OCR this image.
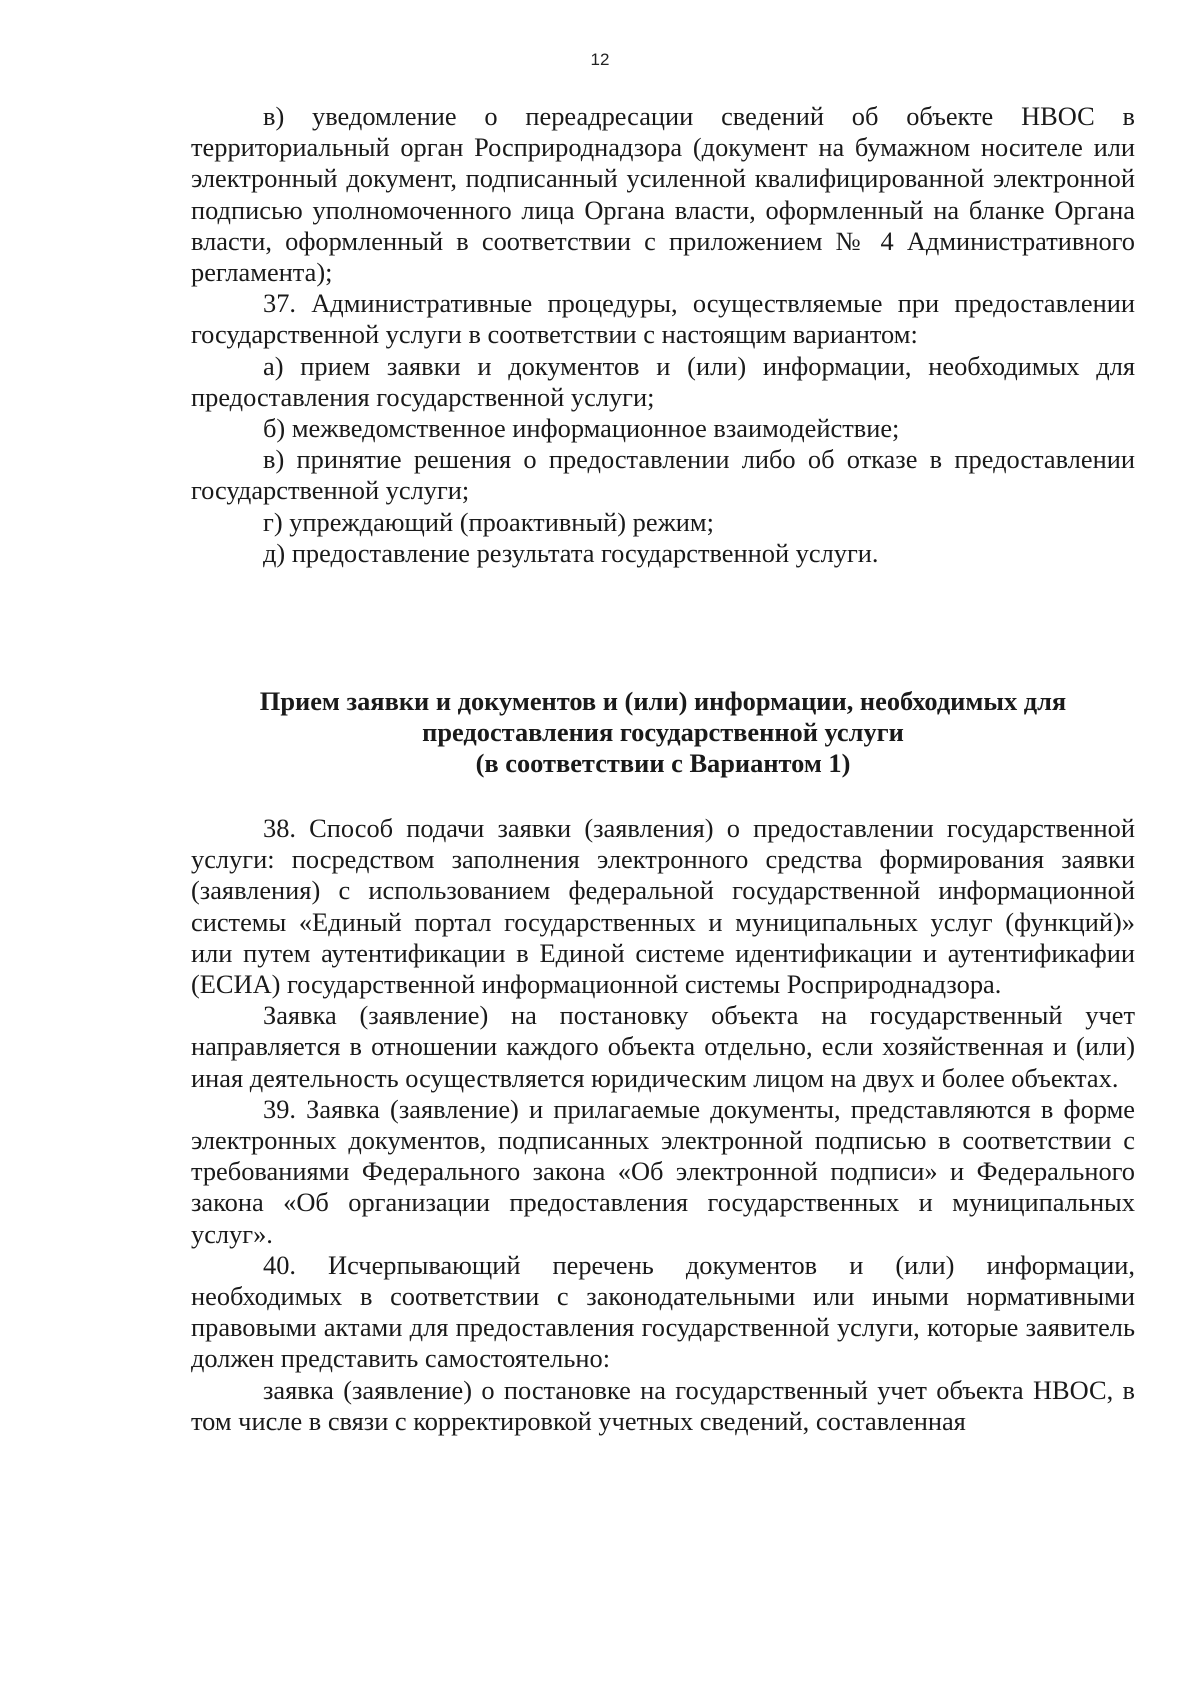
12

в) уведомление о переадресации сведений об объекте НВОС в территориальный орган Росприроднадзора (документ на бумажном носителе или электронный документ, подписанный усиленной квалифицированной электронной подписью уполномоченного лица Органа власти, оформленный на бланке Органа власти, оформленный в соответствии с приложением № 4 Административного регламента);

37. Административные процедуры, осуществляемые при предоставлении государственной услуги в соответствии с настоящим вариантом:

а) прием заявки и документов и (или) информации, необходимых для предоставления государственной услуги;

б) межведомственное информационное взаимодействие;

в) принятие решения о предоставлении либо об отказе в предоставлении государственной услуги;

г) упреждающий (проактивный) режим;

д) предоставление результата государственной услуги.

Прием заявки и документов и (или) информации, необходимых для
предоставления государственной услуги
(в соответствии с Вариантом 1)

38. Способ подачи заявки (заявления) о предоставлении государственной услуги: посредством заполнения электронного средства формирования заявки (заявления) с использованием федеральной государственной информационной системы «Единый портал государственных и муниципальных услуг (функций)» или путем аутентификации в Единой системе идентификации и аутентификафии (ЕСИА) государственной информационной системы Росприроднадзора.

Заявка (заявление) на постановку объекта на государственный учет направляется в отношении каждого объекта отдельно, если хозяйственная и (или) иная деятельность осуществляется юридическим лицом на двух и более объектах.

39. Заявка (заявление) и прилагаемые документы, представляются в форме электронных документов, подписанных электронной подписью в соответствии с требованиями Федерального закона «Об электронной подписи» и Федерального закона «Об организации предоставления государственных и муниципальных услуг».

40. Исчерпывающий перечень документов и (или) информации, необходимых в соответствии с законодательными или иными нормативными правовыми актами для предоставления государственной услуги, которые заявитель должен представить самостоятельно:

заявка (заявление) о постановке на государственный учет объекта НВОС, в том числе в связи с корректировкой учетных сведений, составленная
